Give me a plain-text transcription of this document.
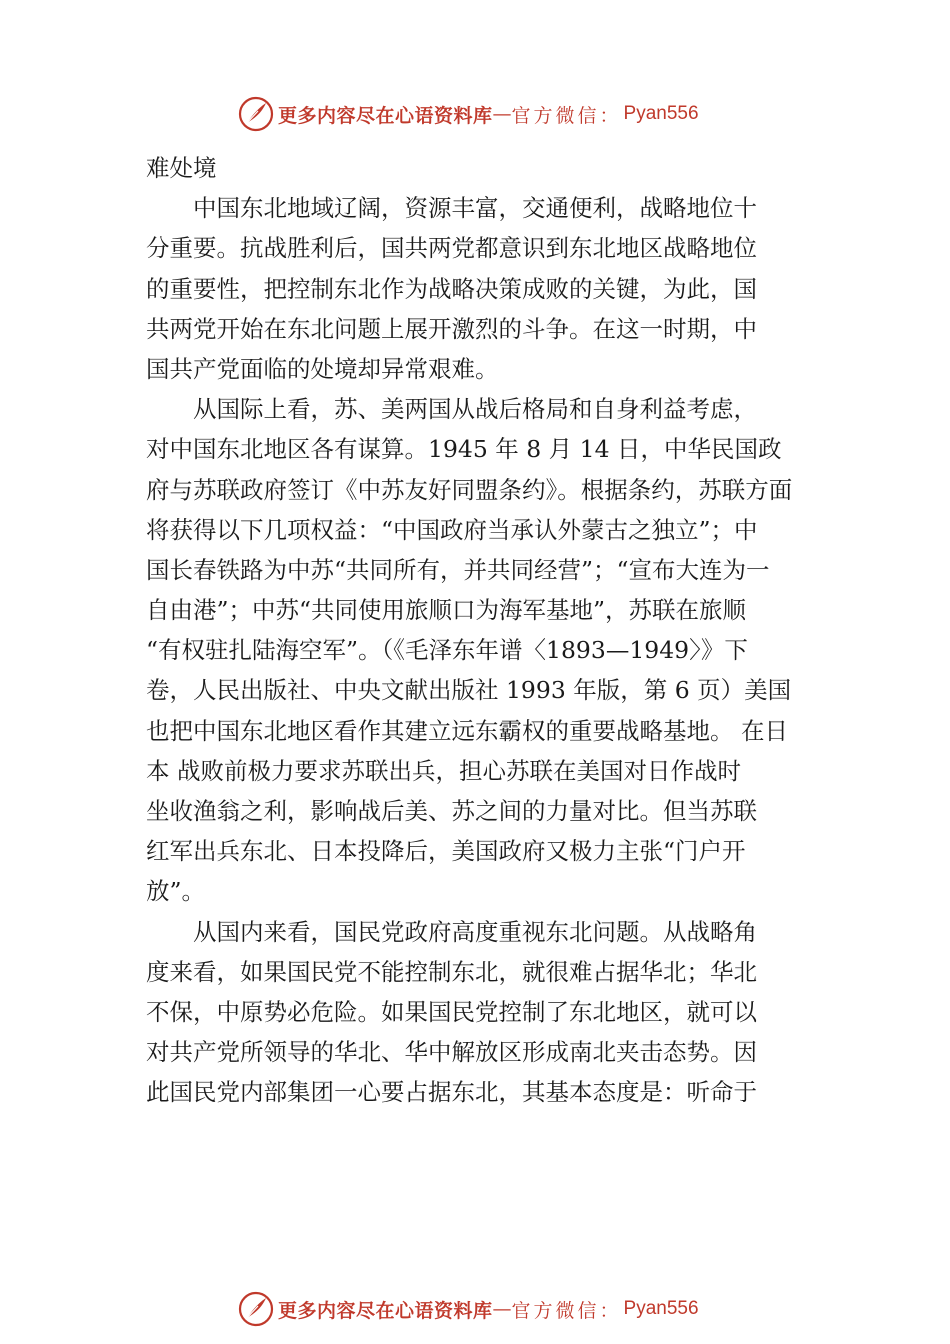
更多内容尽在心语资料库 — 官方微信： Pyan556
难处境
　　中国东北地域辽阔，资源丰富，交通便利，战略地位十
分重要。抗战胜利后，国共两党都意识到东北地区战略地位
的重要性，把控制东北作为战略决策成败的关键，为此，国
共两党开始在东北问题上展开激烈的斗争。在这一时期，中
国共产党面临的处境却异常艰难。
　　从国际上看，苏、美两国从战后格局和自身利益考虑，
对中国东北地区各有谋算。1945 年 8 月 14 日，中华民国政
府与苏联政府签订《中苏友好同盟条约》。根据条约，苏联方面
将获得以下几项权益：“中国政府当承认外蒙古之独立”；中
国长春铁路为中苏“共同所有，并共同经营”；“宣布大连为一
自由港”；中苏“共同使用旅顺口为海军基地”，苏联在旅顺
“有权驻扎陆海空军”。（《毛泽东年谱〈1893—1949〉》下
卷，人民出版社、中央文献出版社 1993 年版，第 6 页）美国
也把中国东北地区看作其建立远东霸权的重要战略基地。 在日
本 战败前极力要求苏联出兵，担心苏联在美国对日作战时
坐收渔翁之利，影响战后美、苏之间的力量对比。但当苏联
红军出兵东北、日本投降后，美国政府又极力主张“门户开
放”。
　　从国内来看，国民党政府高度重视东北问题。从战略角
度来看，如果国民党不能控制东北，就很难占据华北；华北
不保，中原势必危险。如果国民党控制了东北地区，就可以
对共产党所领导的华北、华中解放区形成南北夹击态势。因
此国民党内部集团一心要占据东北，其基本态度是：听命于
更多内容尽在心语资料库 — 官方微信： Pyan556
